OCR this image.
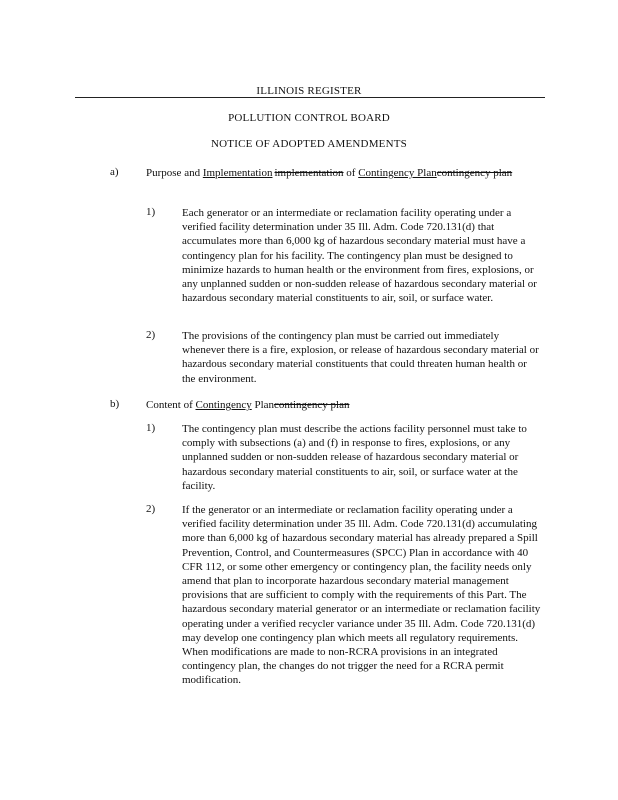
ILLINOIS REGISTER
POLLUTION CONTROL BOARD
NOTICE OF ADOPTED AMENDMENTS
a) Purpose and Implementation implementation of Contingency Plancontingency plan
1) Each generator or an intermediate or reclamation facility operating under a verified facility determination under 35 Ill. Adm. Code 720.131(d) that accumulates more than 6,000 kg of hazardous secondary material must have a contingency plan for his facility. The contingency plan must be designed to minimize hazards to human health or the environment from fires, explosions, or any unplanned sudden or non-sudden release of hazardous secondary material or hazardous secondary material constituents to air, soil, or surface water.
2) The provisions of the contingency plan must be carried out immediately whenever there is a fire, explosion, or release of hazardous secondary material or hazardous secondary material constituents that could threaten human health or the environment.
b) Content of Contingency Plancontingency plan
1) The contingency plan must describe the actions facility personnel must take to comply with subsections (a) and (f) in response to fires, explosions, or any unplanned sudden or non-sudden release of hazardous secondary material or hazardous secondary material constituents to air, soil, or surface water at the facility.
2) If the generator or an intermediate or reclamation facility operating under a verified facility determination under 35 Ill. Adm. Code 720.131(d) accumulating more than 6,000 kg of hazardous secondary material has already prepared a Spill Prevention, Control, and Countermeasures (SPCC) Plan in accordance with 40 CFR 112, or some other emergency or contingency plan, the facility needs only amend that plan to incorporate hazardous secondary material management provisions that are sufficient to comply with the requirements of this Part. The hazardous secondary material generator or an intermediate or reclamation facility operating under a verified recycler variance under 35 Ill. Adm. Code 720.131(d) may develop one contingency plan which meets all regulatory requirements. When modifications are made to non-RCRA provisions in an integrated contingency plan, the changes do not trigger the need for a RCRA permit modification.
